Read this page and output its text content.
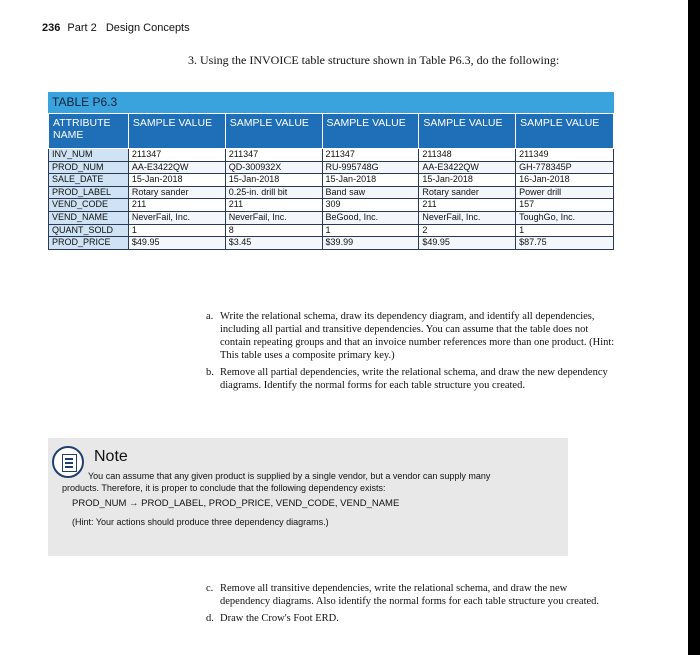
236 Part 2 Design Concepts
3. Using the INVOICE table structure shown in Table P6.3, do the following:
TABLE P6.3
ATTRIBUTE NAME	SAMPLE VALUE	SAMPLE VALUE	SAMPLE VALUE	SAMPLE VALUE	SAMPLE VALUE
INV_NUM	211347	211347	211347	211348	211349
PROD_NUM	AA-E3422QW	QD-300932X	RU-995748G	AA-E3422QW	GH-778345P
SALE_DATE	15-Jan-2018	15-Jan-2018	15-Jan-2018	15-Jan-2018	16-Jan-2018
PROD_LABEL	Rotary sander	0.25-in. drill bit	Band saw	Rotary sander	Power drill
VEND_CODE	211	211	309	211	157
VEND_NAME	NeverFail, Inc.	NeverFail, Inc.	BeGood, Inc.	NeverFail, Inc.	ToughGo, Inc.
QUANT_SOLD	1	8	1	2	1
PROD_PRICE	$49.95	$3.45	$39.99	$49.95	$87.75
a. Write the relational schema, draw its dependency diagram, and identify all dependencies, including all partial and transitive dependencies. You can assume that the table does not contain repeating groups and that an invoice number references more than one product. (Hint: This table uses a composite primary key.)
b. Remove all partial dependencies, write the relational schema, and draw the new dependency diagrams. Identify the normal forms for each table structure you created.
Note
You can assume that any given product is supplied by a single vendor, but a vendor can supply many products. Therefore, it is proper to conclude that the following dependency exists:
PROD_NUM → PROD_LABEL, PROD_PRICE, VEND_CODE, VEND_NAME
(Hint: Your actions should produce three dependency diagrams.)
c. Remove all transitive dependencies, write the relational schema, and draw the new dependency diagrams. Also identify the normal forms for each table structure you created.
d. Draw the Crow's Foot ERD.
